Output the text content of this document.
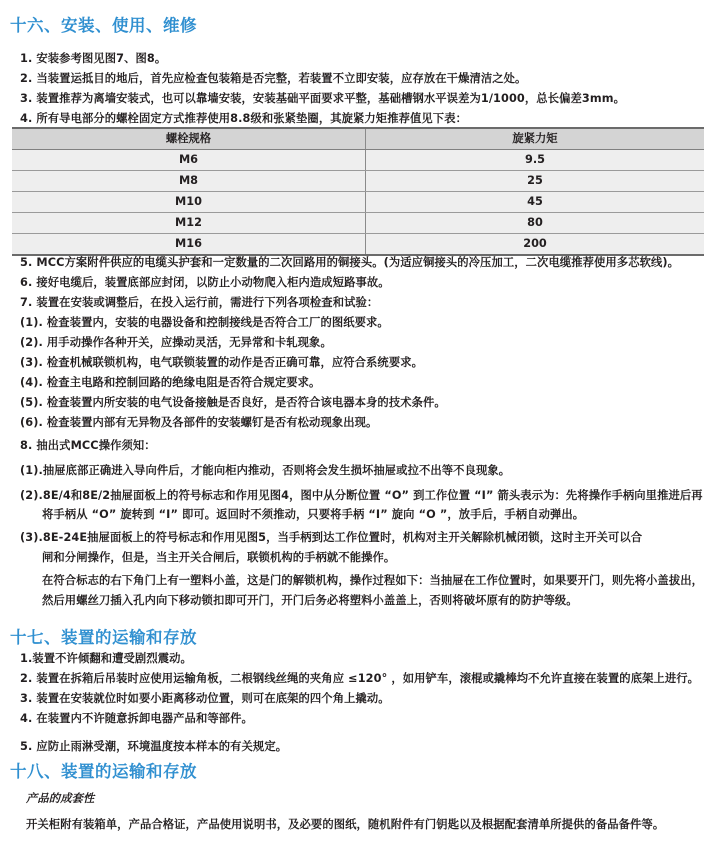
十六、安装、使用、维修
1. 安装参考图见图7、图8。
2. 当装置运抵目的地后，首先应检查包装箱是否完整，若装置不立即安装，应存放在干燥清洁之处。
3. 装置推荐为离墙安装式，也可以靠墙安装，安装基础平面要求平整，基础槽钢水平误差为1/1000，总长偏差3mm。
4. 所有导电部分的螺栓固定方式推荐使用8.8级和张紧垫圈，其旋紧力矩推荐值见下表：
螺栓规格	旋紧力矩
M6	9.5
M8	25
M10	45
M12	80
M16	200
5. MCC方案附件供应的电缆头护套和一定数量的二次回路用的铜接头。(为适应铜接头的冷压加工，二次电缆推荐使用多芯软线)。
6. 接好电缆后，装置底部应封闭，以防止小动物爬入柜内造成短路事故。
7. 装置在安装或调整后，在投入运行前，需进行下列各项检查和试验：
(1). 检查装置内，安装的电器设备和控制接线是否符合工厂的图纸要求。
(2). 用手动操作各种开关，应操动灵活，无异常和卡轧现象。
(3). 检查机械联锁机构，电气联锁装置的动作是否正确可靠，应符合系统要求。
(4). 检查主电路和控制回路的绝缘电阻是否符合规定要求。
(5). 检查装置内所安装的电气设备接触是否良好，是否符合该电器本身的技术条件。
(6). 检查装置内部有无异物及各部件的安装螺钉是否有松动现象出现。
8. 抽出式MCC操作须知：
(1).抽屉底部正确进入导向件后，才能向柜内推动，否则将会发生损坏抽屉或拉不出等不良现象。
(2).8E/4和8E/2抽屉面板上的符号标志和作用见图4，图中从分断位置 “O” 到工作位置 “I” 箭头表示为：先将操作手柄向里推进后再
将手柄从 “O” 旋转到 “I” 即可。返回时不须推动，只要将手柄 “I” 旋向 “O ”，放手后，手柄自动弹出。
(3).8E-24E抽屉面板上的符号标志和作用见图5，当手柄到达工作位置时，机构对主开关解除机械闭锁，这时主开关可以合
闸和分闸操作，但是，当主开关合闸后，联锁机构的手柄就不能操作。
在符合标志的右下角门上有一塑料小盖，这是门的解锁机构，操作过程如下：当抽屉在工作位置时，如果要开门，则先将小盖拔出，
然后用螺丝刀插入孔内向下移动锁扣即可开门，开门后务必将塑料小盖盖上，否则将破坏原有的防护等级。
十七、装置的运输和存放
1.装置不许倾翻和遭受剧烈震动。
2. 装置在拆箱后吊装时应使用运输角板，二根钢线丝绳的夹角应 ≤120° ，如用铲车，滚棍或撬棒均不允许直接在装置的底架上进行。
3. 装置在安装就位时如要小距离移动位置，则可在底架的四个角上撬动。
4. 在装置内不许随意拆卸电器产品和等部件。
5. 应防止雨淋受潮，环境温度按本样本的有关规定。
十八、装置的运输和存放
产品的成套性
开关柜附有装箱单，产品合格证，产品使用说明书，及必要的图纸，随机附件有门钥匙以及根据配套清单所提供的备品备件等。
